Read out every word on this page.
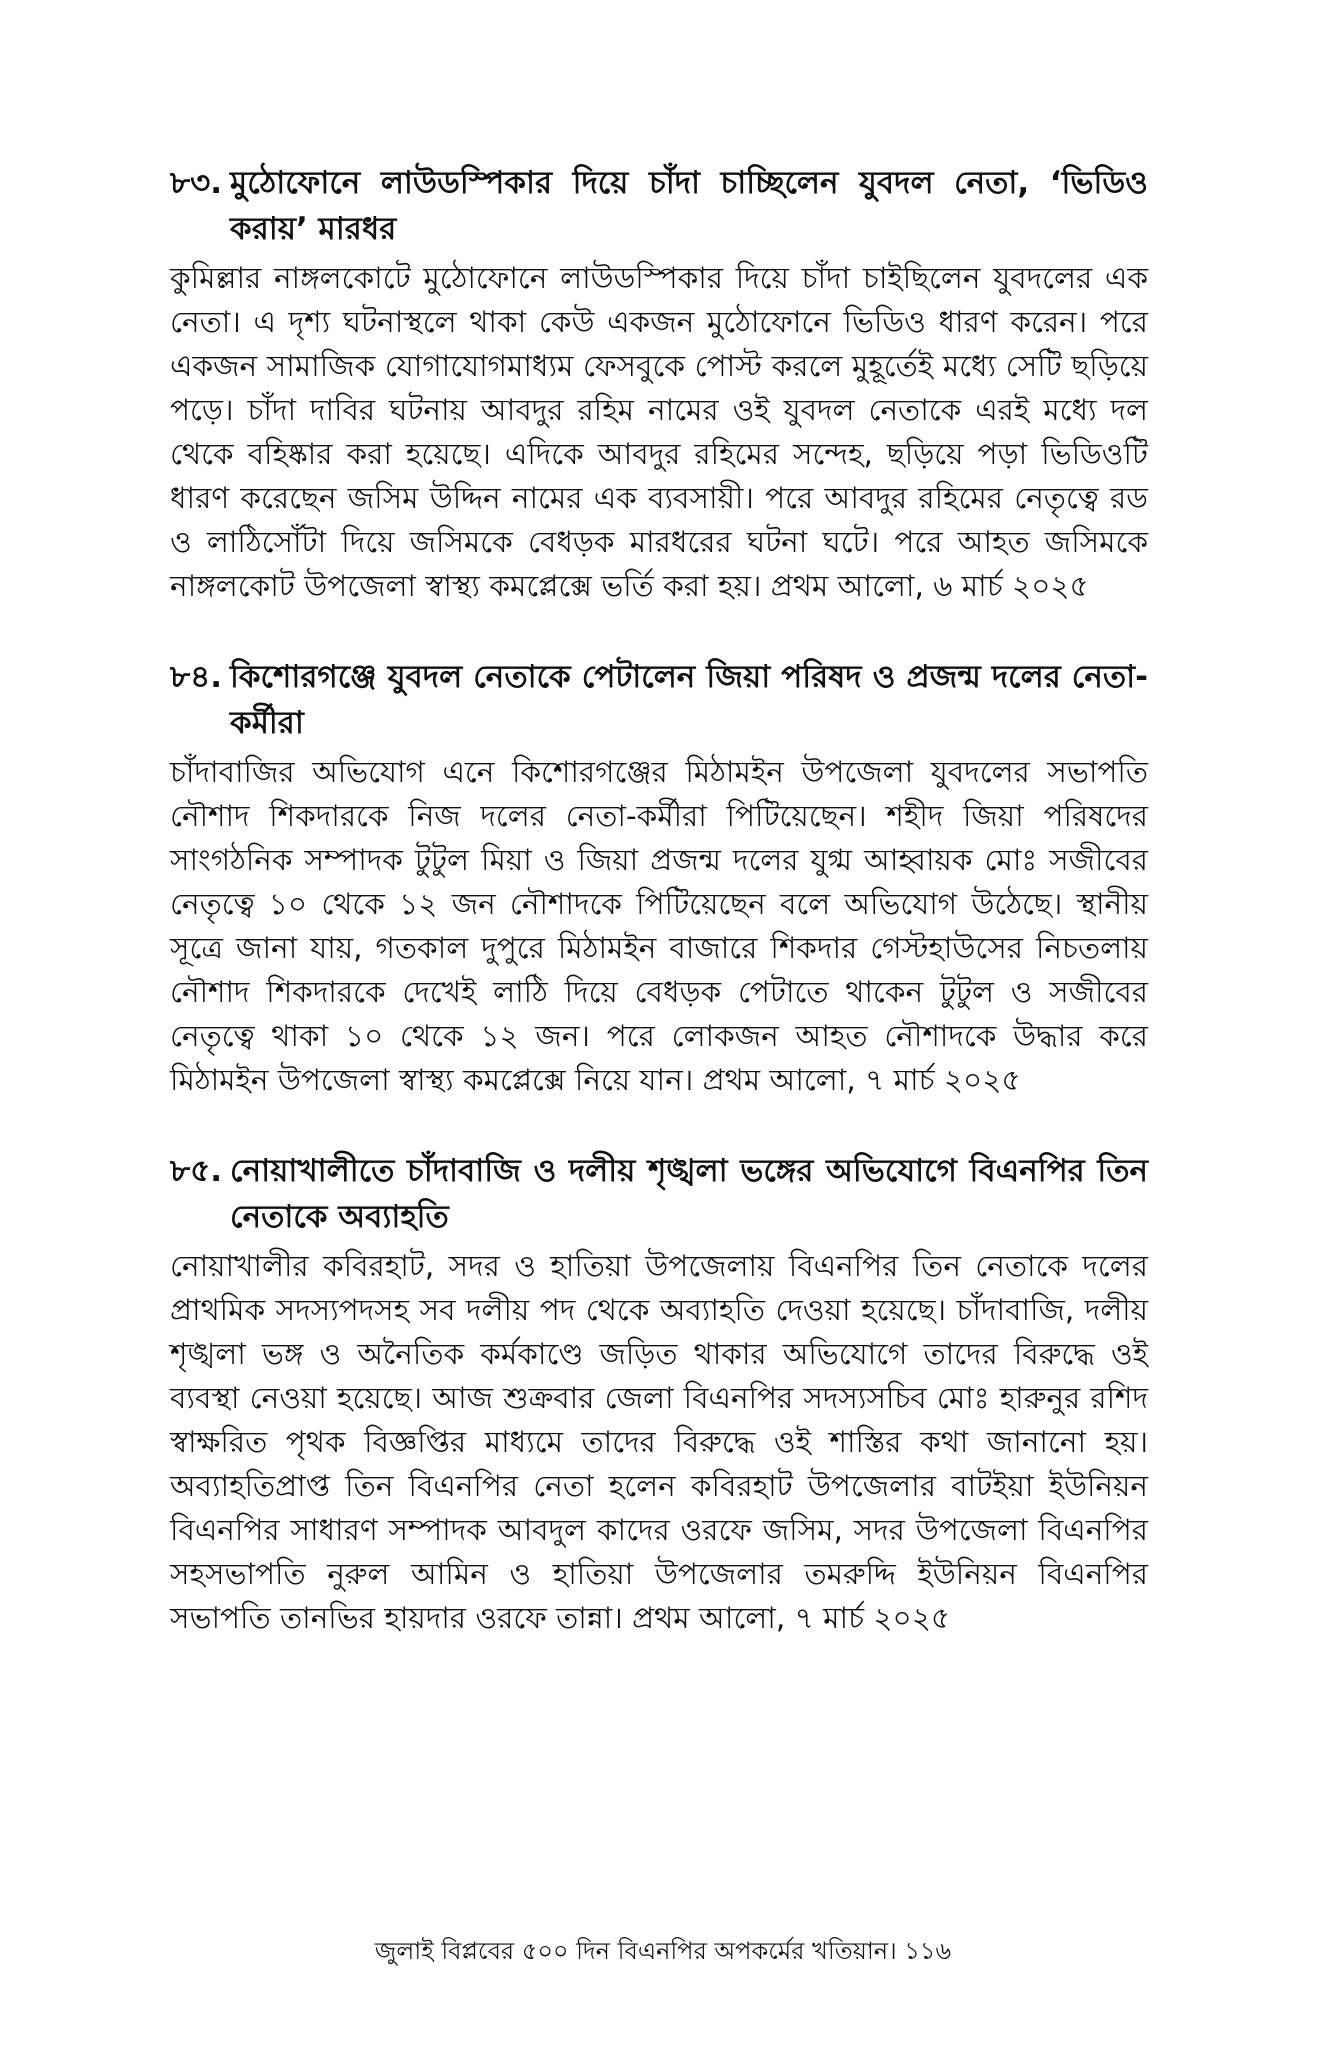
৮৩. মুঠোফোনে লাউডস্পিকার দিয়ে চাঁদা চাচ্ছিলেন যুবদল নেতা, ‘ভিডিও করায়’ মারধর

কুমিল্লার নাঙ্গলকোটে মুঠোফোনে লাউডস্পিকার দিয়ে চাঁদা চাইছিলেন যুবদলের এক নেতা। এ দৃশ্য ঘটনাস্থলে থাকা কেউ একজন মুঠোফোনে ভিডিও ধারণ করেন। পরে একজন সামাজিক যোগাযোগমাধ্যম ফেসবুকে পোস্ট করলে মুহূর্তেই মধ্যে সেটি ছড়িয়ে পড়ে। চাঁদা দাবির ঘটনায় আবদুর রহিম নামের ওই যুবদল নেতাকে এরই মধ্যে দল থেকে বহিষ্কার করা হয়েছে। এদিকে আবদুর রহিমের সন্দেহ, ছড়িয়ে পড়া ভিডিওটি ধারণ করেছেন জসিম উদ্দিন নামের এক ব্যবসায়ী। পরে আবদুর রহিমের নেতৃত্বে রড ও লাঠিসোঁটা দিয়ে জসিমকে বেধড়ক মারধরের ঘটনা ঘটে। পরে আহত জসিমকে নাঙ্গলকোট উপজেলা স্বাস্থ্য কমপ্লেক্সে ভর্তি করা হয়। প্রথম আলো, ৬ মার্চ ২০২৫

৮৪. কিশোরগঞ্জে যুবদল নেতাকে পেটালেন জিয়া পরিষদ ও প্রজন্ম দলের নেতা-কর্মীরা

চাঁদাবাজির অভিযোগ এনে কিশোরগঞ্জের মিঠামইন উপজেলা যুবদলের সভাপতি নৌশাদ শিকদারকে নিজ দলের নেতা-কর্মীরা পিটিয়েছেন। শহীদ জিয়া পরিষদের সাংগঠনিক সম্পাদক টুটুল মিয়া ও জিয়া প্রজন্ম দলের যুগ্ম আহ্বায়ক মোঃ সজীবের নেতৃত্বে ১০ থেকে ১২ জন নৌশাদকে পিটিয়েছেন বলে অভিযোগ উঠেছে। স্থানীয় সূত্রে জানা যায়, গতকাল দুপুরে মিঠামইন বাজারে শিকদার গেস্টহাউসের নিচতলায় নৌশাদ শিকদারকে দেখেই লাঠি দিয়ে বেধড়ক পেটাতে থাকেন টুটুল ও সজীবের নেতৃত্বে থাকা ১০ থেকে ১২ জন। পরে লোকজন আহত নৌশাদকে উদ্ধার করে মিঠামইন উপজেলা স্বাস্থ্য কমপ্লেক্সে নিয়ে যান। প্রথম আলো, ৭ মার্চ ২০২৫

৮৫. নোয়াখালীতে চাঁদাবাজি ও দলীয় শৃঙ্খলা ভঙ্গের অভিযোগে বিএনপির তিন নেতাকে অব্যাহতি

নোয়াখালীর কবিরহাট, সদর ও হাতিয়া উপজেলায় বিএনপির তিন নেতাকে দলের প্রাথমিক সদস্যপদসহ সব দলীয় পদ থেকে অব্যাহতি দেওয়া হয়েছে। চাঁদাবাজি, দলীয় শৃঙ্খলা ভঙ্গ ও অনৈতিক কর্মকাণ্ডে জড়িত থাকার অভিযোগে তাদের বিরুদ্ধে ওই ব্যবস্থা নেওয়া হয়েছে। আজ শুক্রবার জেলা বিএনপির সদস্যসচিব মোঃ হারুনুর রশিদ স্বাক্ষরিত পৃথক বিজ্ঞপ্তির মাধ্যমে তাদের বিরুদ্ধে ওই শাস্তির কথা জানানো হয়। অব্যাহতিপ্রাপ্ত তিন বিএনপির নেতা হলেন কবিরহাট উপজেলার বাটইয়া ইউনিয়ন বিএনপির সাধারণ সম্পাদক আবদুল কাদের ওরফে জসিম, সদর উপজেলা বিএনপির সহসভাপতি নুরুল আমিন ও হাতিয়া উপজেলার তমরুদ্দি ইউনিয়ন বিএনপির সভাপতি তানভির হায়দার ওরফে তান্না। প্রথম আলো, ৭ মার্চ ২০২৫

জুলাই বিপ্লবের ৫০০ দিন বিএনপির অপকর্মের খতিয়ান। ১১৬
